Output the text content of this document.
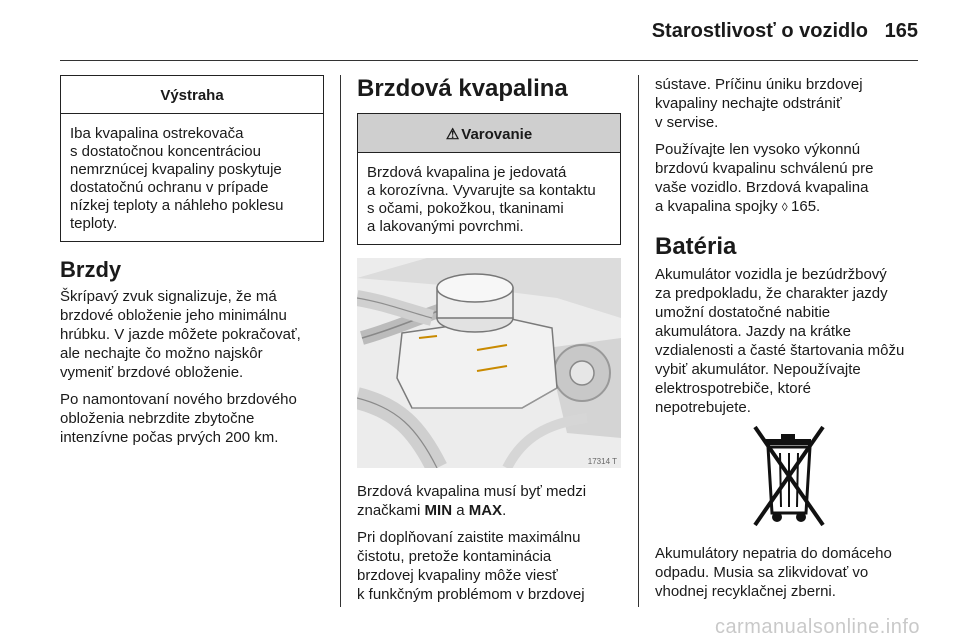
Starostlivosť o vozidlo 165
Výstraha
Iba kvapalina ostrekovača
s dostatočnou koncentráciou
nemrznúcej kvapaliny poskytuje
dostatočnú ochranu v prípade
nízkej teploty a náhleho poklesu
teploty.
Brzdy

Škrípavý zvuk signalizuje, že má
brzdové obloženie jeho minimálnu
hrúbku. V jazde môžete pokračovať,
ale nechajte čo možno najskôr
vymeniť brzdové obloženie.

Po namontovaní nového brzdového
obloženia nebrzdite zbytočne
intenzívne počas prvých 200 km.

Brzdová kvapalina
⚠ Varovanie
Brzdová kvapalina je jedovatá
a korozívna. Vyvarujte sa kontaktu
s očami, pokožkou, tkaninami
a lakovanými povrchmi.
17314 T

Brzdová kvapalina musí byť medzi
značkami MIN a MAX.

Pri doplňovaní zaistite maximálnu
čistotu, pretože kontaminácia
brzdovej kvapaliny môže viesť
k funkčným problémom v brzdovej

sústave. Príčinu úniku brzdovej
kvapaliny nechajte odstrániť
v servise.

Používajte len vysoko výkonnú
brzdovú kvapalinu schválenú pre
vaše vozidlo. Brzdová kvapalina
a kvapalina spojky ◊ 165.

Batéria

Akumulátor vozidla je bezúdržbový
za predpokladu, že charakter jazdy
umožní dostatočné nabitie
akumulátora. Jazdy na krátke
vzdialenosti a časté štartovania môžu
vybiť akumulátor. Nepoužívajte
elektrospotrebiče, ktoré
nepotrebujete.

Akumulátory nepatria do domáceho
odpadu. Musia sa zlikvidovať vo
vhodnej recyklačnej zberni.

carmanualsonline.info
